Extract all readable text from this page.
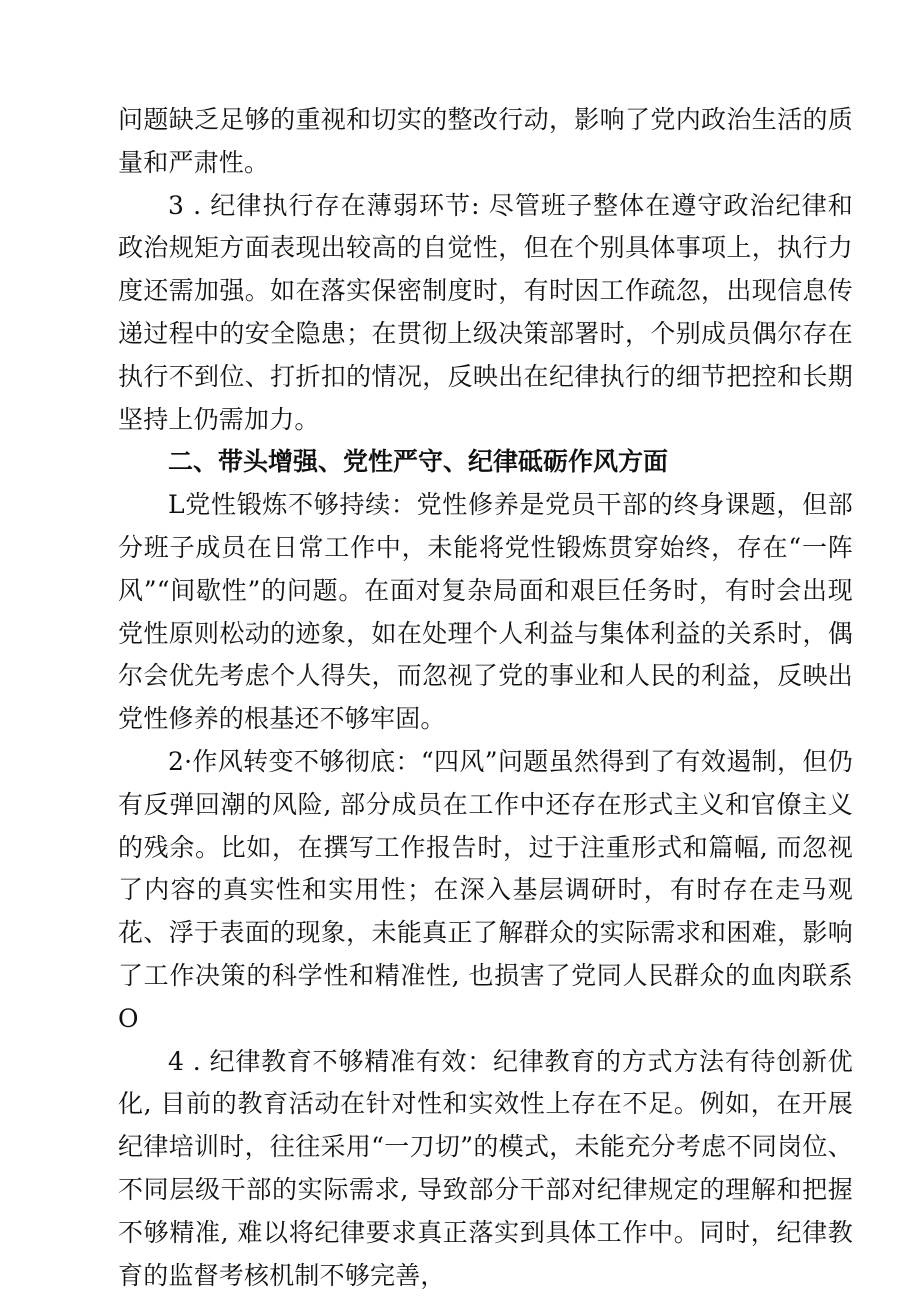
问题缺乏足够的重视和切实的整改行动，影响了党内政治生活的质量和严肃性。

3 . 纪律执行存在薄弱环节: 尽管班子整体在遵守政治纪律和政治规矩方面表现出较高的自觉性，但在个别具体事项上，执行力度还需加强。如在落实保密制度时，有时因工作疏忽，出现信息传递过程中的安全隐患；在贯彻上级决策部署时，个别成员偶尔存在执行不到位、打折扣的情况，反映出在纪律执行的细节把控和长期坚持上仍需加力。

二、带头增强、党性严守、纪律砥砺作风方面

L党性锻炼不够持续：党性修养是党员干部的终身课题，但部分班子成员在日常工作中，未能将党性锻炼贯穿始终，存在“一阵风”“间歇性”的问题。在面对复杂局面和艰巨任务时，有时会出现党性原则松动的迹象，如在处理个人利益与集体利益的关系时，偶尔会优先考虑个人得失，而忽视了党的事业和人民的利益，反映出党性修养的根基还不够牢固。

2·作风转变不够彻底：“四风”问题虽然得到了有效遏制，但仍有反弹回潮的风险, 部分成员在工作中还存在形式主义和官僚主义的残余。比如，在撰写工作报告时，过于注重形式和篇幅, 而忽视了内容的真实性和实用性；在深入基层调研时，有时存在走马观花、浮于表面的现象，未能真正了解群众的实际需求和困难，影响了工作决策的科学性和精准性, 也损害了党同人民群众的血肉联系O

4 . 纪律教育不够精准有效：纪律教育的方式方法有待创新优化, 目前的教育活动在针对性和实效性上存在不足。例如，在开展纪律培训时，往往采用“一刀切”的模式，未能充分考虑不同岗位、不同层级干部的实际需求, 导致部分干部对纪律规定的理解和把握不够精准, 难以将纪律要求真正落实到具体工作中。同时，纪律教育的监督考核机制不够完善，
